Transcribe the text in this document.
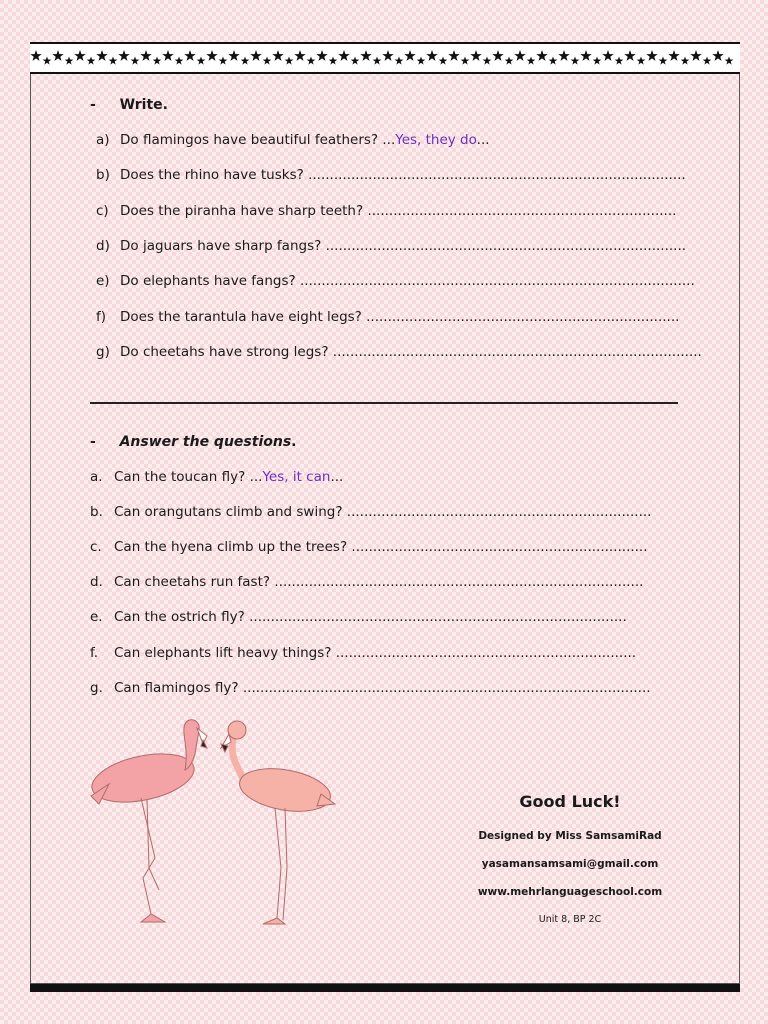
- Write.
a) Do flamingos have beautiful feathers? ...Yes, they do...
b) Does the rhino have tusks? ........................................................................................
c) Does the piranha have sharp teeth? ........................................................................
d) Do jaguars have sharp fangs? ....................................................................................
e) Do elephants have fangs? ............................................................................................
f) Does the tarantula have eight legs? .........................................................................
g) Do cheetahs have strong legs? ......................................................................................
- Answer the questions.
a. Can the toucan fly? ...Yes, it can...
b. Can orangutans climb and swing? .......................................................................
c. Can the hyena climb up the trees? .....................................................................
d. Can cheetahs run fast? ......................................................................................
e. Can the ostrich fly? ........................................................................................
f. Can elephants lift heavy things? ......................................................................
g. Can flamingos fly? ...............................................................................................
Good Luck!
Designed by Miss SamsamiRad
yasamansamsami@gmail.com
www.mehrlanguageschool.com
Unit 8, BP 2C
